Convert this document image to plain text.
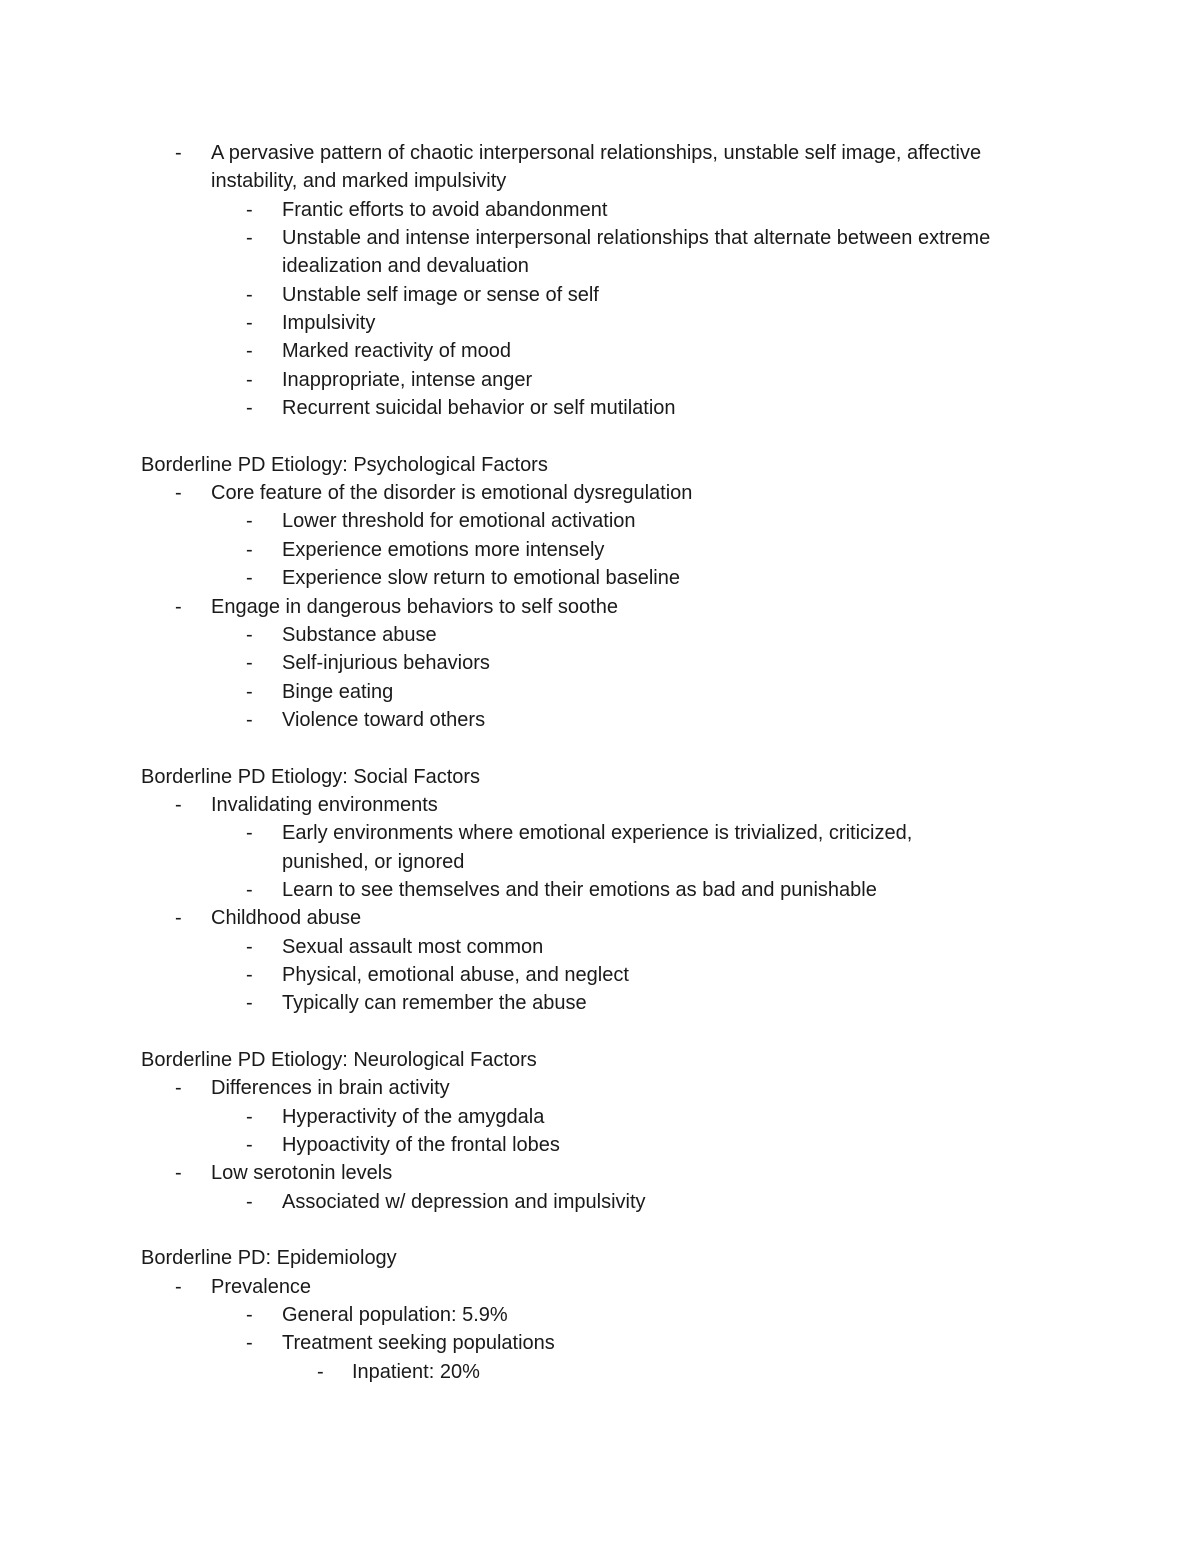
- A pervasive pattern of chaotic interpersonal relationships, unstable self image, affective
instability, and marked impulsivity
- Frantic efforts to avoid abandonment
- Unstable and intense interpersonal relationships that alternate between extreme
idealization and devaluation
- Unstable self image or sense of self
- Impulsivity
- Marked reactivity of mood
- Inappropriate, intense anger
- Recurrent suicidal behavior or self mutilation
Borderline PD Etiology: Psychological Factors
- Core feature of the disorder is emotional dysregulation
- Lower threshold for emotional activation
- Experience emotions more intensely
- Experience slow return to emotional baseline
- Engage in dangerous behaviors to self soothe
- Substance abuse
- Self-injurious behaviors
- Binge eating
- Violence toward others
Borderline PD Etiology: Social Factors
- Invalidating environments
- Early environments where emotional experience is trivialized, criticized,
punished, or ignored
- Learn to see themselves and their emotions as bad and punishable
- Childhood abuse
- Sexual assault most common
- Physical, emotional abuse, and neglect
- Typically can remember the abuse
Borderline PD Etiology: Neurological Factors
- Differences in brain activity
- Hyperactivity of the amygdala
- Hypoactivity of the frontal lobes
- Low serotonin levels
- Associated w/ depression and impulsivity
Borderline PD: Epidemiology
- Prevalence
- General population: 5.9%
- Treatment seeking populations
- Inpatient: 20%
